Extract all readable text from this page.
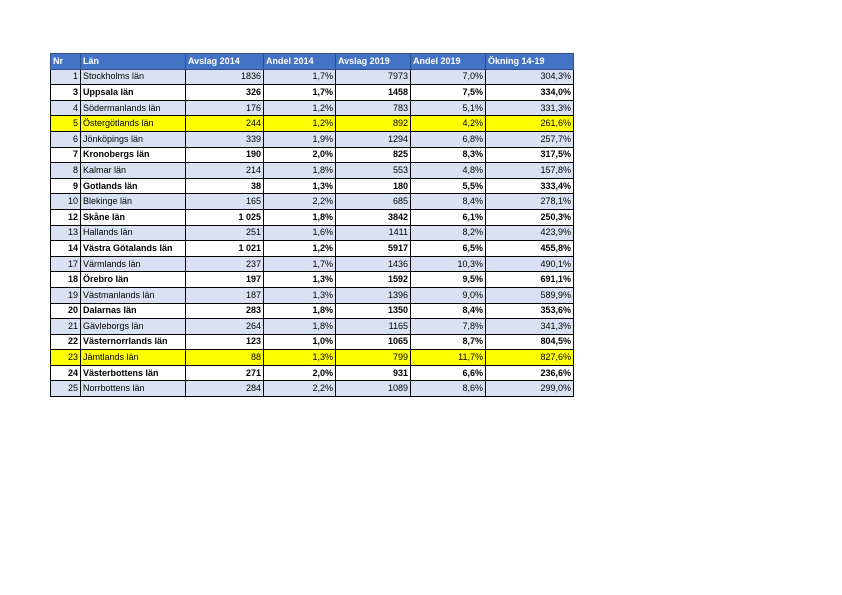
Nr	Län	Avslag 2014	Andel 2014	Avslag 2019	Andel 2019	Ökning 14-19
1	Stockholms län	1836	1,7%	7973	7,0%	304,3%
3	Uppsala län	326	1,7%	1458	7,5%	334,0%
4	Södermanlands län	176	1,2%	783	5,1%	331,3%
5	Östergötlands län	244	1,2%	892	4,2%	261,6%
6	Jönköpings län	339	1,9%	1294	6,8%	257,7%
7	Kronobergs län	190	2,0%	825	8,3%	317,5%
8	Kalmar län	214	1,8%	553	4,8%	157,8%
9	Gotlands län	38	1,3%	180	5,5%	333,4%
10	Blekinge län	165	2,2%	685	8,4%	278,1%
12	Skåne län	1 025	1,8%	3842	6,1%	250,3%
13	Hallands län	251	1,6%	1411	8,2%	423,9%
14	Västra Götalands län	1 021	1,2%	5917	6,5%	455,8%
17	Värmlands län	237	1,7%	1436	10,3%	490,1%
18	Örebro län	197	1,3%	1592	9,5%	691,1%
19	Västmanlands län	187	1,3%	1396	9,0%	589,9%
20	Dalarnas län	283	1,8%	1350	8,4%	353,6%
21	Gävleborgs län	264	1,8%	1165	7,8%	341,3%
22	Västernorrlands län	123	1,0%	1065	8,7%	804,5%
23	Jämtlands län	88	1,3%	799	11,7%	827,6%
24	Västerbottens län	271	2,0%	931	6,6%	236,6%
25	Norrbottens län	284	2,2%	1089	8,6%	299,0%
